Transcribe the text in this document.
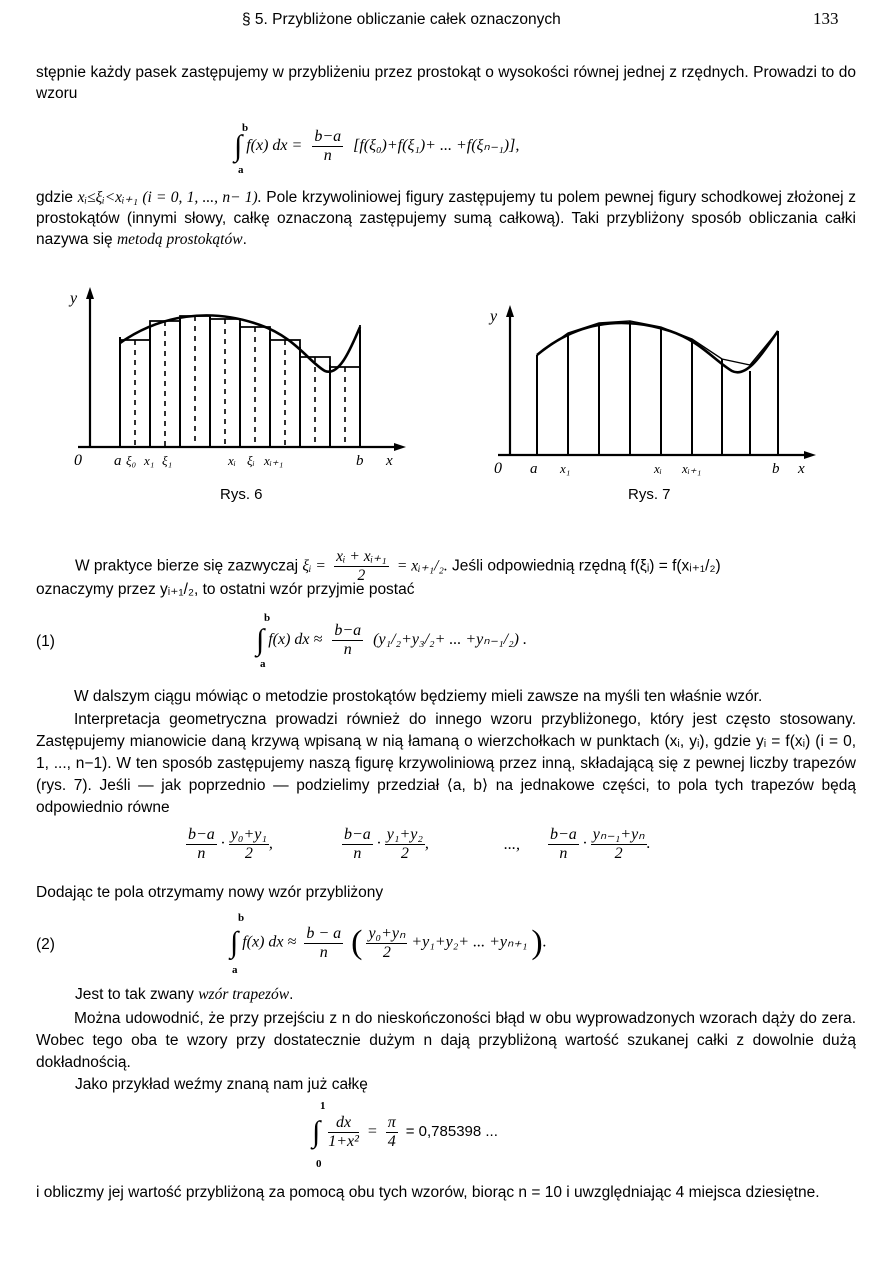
§ 5. Przybliżone obliczanie całek oznaczonych	133
stępnie każdy pasek zastępujemy w przybliżeniu przez prostokąt o wysokości równej jednej z rzędnych. Prowadzi to do wzoru
b
a
∫ f(x) dx = $\frac{b-a}{n} [f(\xi_0)+f(\xi_1)+$ ... +f(ξₙ₋₁)],
gdzie xᵢ≤ξᵢ<xᵢ₊₁ (i = 0, 1, ..., n− 1). Pole krzywoliniowej figury zastępujemy tu polem pewnej figury schodkowej złożonej z prostokątów (innymi słowy, całkę oznaczoną zastępujemy sumą całkową). Taki przybliżony sposób obliczania całki nazywa się metodą prostokątów.
y
0 a ξ₀ x₁ ξ₁	xᵢ ξᵢ xᵢ₊₁	b x
Rys. 6
y
0 a x₁	xᵢ xᵢ₊₁	b x
Rys. 7
W praktyce bierze się zazwyczaj ξᵢ = $\frac{\text{xᵢ + xᵢ₊₁}}{2}$ = xᵢ₊₁/₂. Jeśli odpowiednią rzędną f(ξᵢ) = f(xᵢ₊₁/₂)
oznaczymy przez yᵢ₊₁/₂, to ostatni wzór przyjmie postać
(1)
b
a
∫ f(x) dx ≈ $\frac{b-a}{n} (y_1/_2+y_3/_2+$ ... +yₙ₋₁/₂) .
W dalszym ciągu mówiąc o metodzie prostokątów będziemy mieli zawsze na myśli ten właśnie wzór.
Interpretacja geometryczna prowadzi również do innego wzoru przybliżonego, który jest często stosowany. Zastępujemy mianowicie daną krzywą wpisaną w nią łamaną o wierzchołkach w punktach (xᵢ, yᵢ), gdzie yᵢ = f(xᵢ) (i = 0, 1, ..., n−1). W ten sposób zastępujemy naszą figurę krzywoliniową przez inną, składającą się z pewnej liczby trapezów (rys. 7). Jeśli — jak poprzednio — podzielimy przedział ⟨a, b⟩ na jednakowe części, to pola tych trapezów będą odpowiednio równe
$\frac{b-a}{n} \cdot \frac{\text{y₀+y₁}}{2}$ ,	$\frac{b-a}{n} \cdot \frac{\text{y₁+y₂}}{2}$ ,	..., $\frac{b-a}{n} \cdot \frac{\text{yₙ₋₁+yₙ}}{2}$ .
Dodając te pola otrzymamy nowy wzór przybliżony
(2)
b
a
∫ f(x) dx ≈ $\frac{b - a}{n}$ ( $\frac{\text{y₀+yₙ}}{2} +y_1+y_2+$ ... +yₙ₊₁ ).
Jest to tak zwany wzór trapezów.
Można udowodnić, że przy przejściu z n do nieskończoności błąd w obu wyprowadzonych wzorach dąży do zera. Wobec tego oba te wzory przy dostatecznie dużym n dają przybliżoną wartość szukanej całki z dowolnie dużą dokładnością.
Jako przykład weźmy znaną nam już całkę
1
0
∫ $\frac{dx}{\text{1+x²}} = \frac{\pi}{4} = 0,785398$ ...
i obliczmy jej wartość przybliżoną za pomocą obu tych wzorów, biorąc n = 10 i uwzględniając 4 miejsca dziesiętne.
